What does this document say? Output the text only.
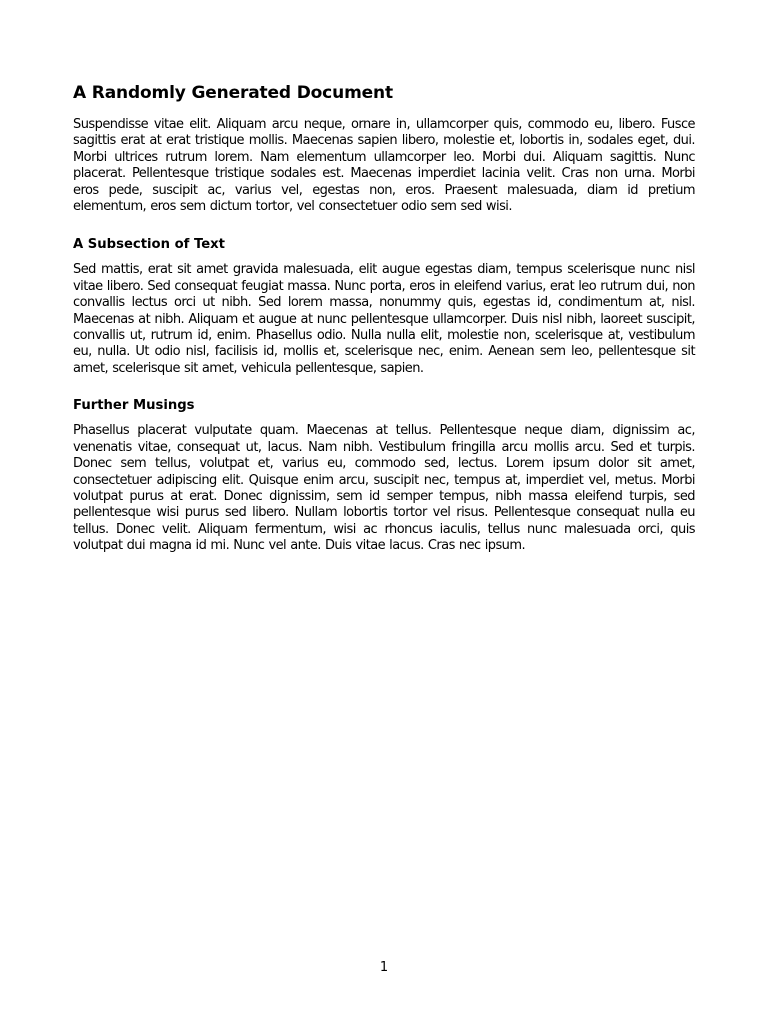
A Randomly Generated Document

Suspendisse vitae elit. Aliquam arcu neque, ornare in, ullamcorper quis, commodo eu, libero. Fusce sagittis erat at erat tristique mollis. Maecenas sapien libero, molestie et, lobortis in, sodales eget, dui. Morbi ultrices rutrum lorem. Nam elementum ullamcorper leo. Morbi dui. Aliquam sagittis. Nunc placerat. Pellentesque tristique sodales est. Maecenas imperdiet lacinia velit. Cras non urna. Morbi eros pede, suscipit ac, varius vel, egestas non, eros. Praesent malesuada, diam id pretium elementum, eros sem dictum tortor, vel consectetuer odio sem sed wisi.

A Subsection of Text

Sed mattis, erat sit amet gravida malesuada, elit augue egestas diam, tempus scelerisque nunc nisl vitae libero. Sed consequat feugiat massa. Nunc porta, eros in eleifend varius, erat leo rutrum dui, non convallis lectus orci ut nibh. Sed lorem massa, nonummy quis, egestas id, condimentum at, nisl. Maecenas at nibh. Aliquam et augue at nunc pellentesque ullamcorper. Duis nisl nibh, laoreet suscipit, convallis ut, rutrum id, enim. Phasellus odio. Nulla nulla elit, molestie non, scelerisque at, vestibulum eu, nulla. Ut odio nisl, facilisis id, mollis et, scelerisque nec, enim. Aenean sem leo, pellentesque sit amet, scelerisque sit amet, vehicula pellentesque, sapien.

Further Musings

Phasellus placerat vulputate quam. Maecenas at tellus. Pellentesque neque diam, dignissim ac, venenatis vitae, consequat ut, lacus. Nam nibh. Vestibulum fringilla arcu mollis arcu. Sed et turpis. Donec sem tellus, volutpat et, varius eu, commodo sed, lectus. Lorem ipsum dolor sit amet, consectetuer adipiscing elit. Quisque enim arcu, suscipit nec, tempus at, imperdiet vel, metus. Morbi volutpat purus at erat. Donec dignissim, sem id semper tempus, nibh massa eleifend turpis, sed pellentesque wisi purus sed libero. Nullam lobortis tortor vel risus. Pellentesque consequat nulla eu tellus. Donec velit. Aliquam fermentum, wisi ac rhoncus iaculis, tellus nunc malesuada orci, quis volutpat dui magna id mi. Nunc vel ante. Duis vitae lacus. Cras nec ipsum.

1
